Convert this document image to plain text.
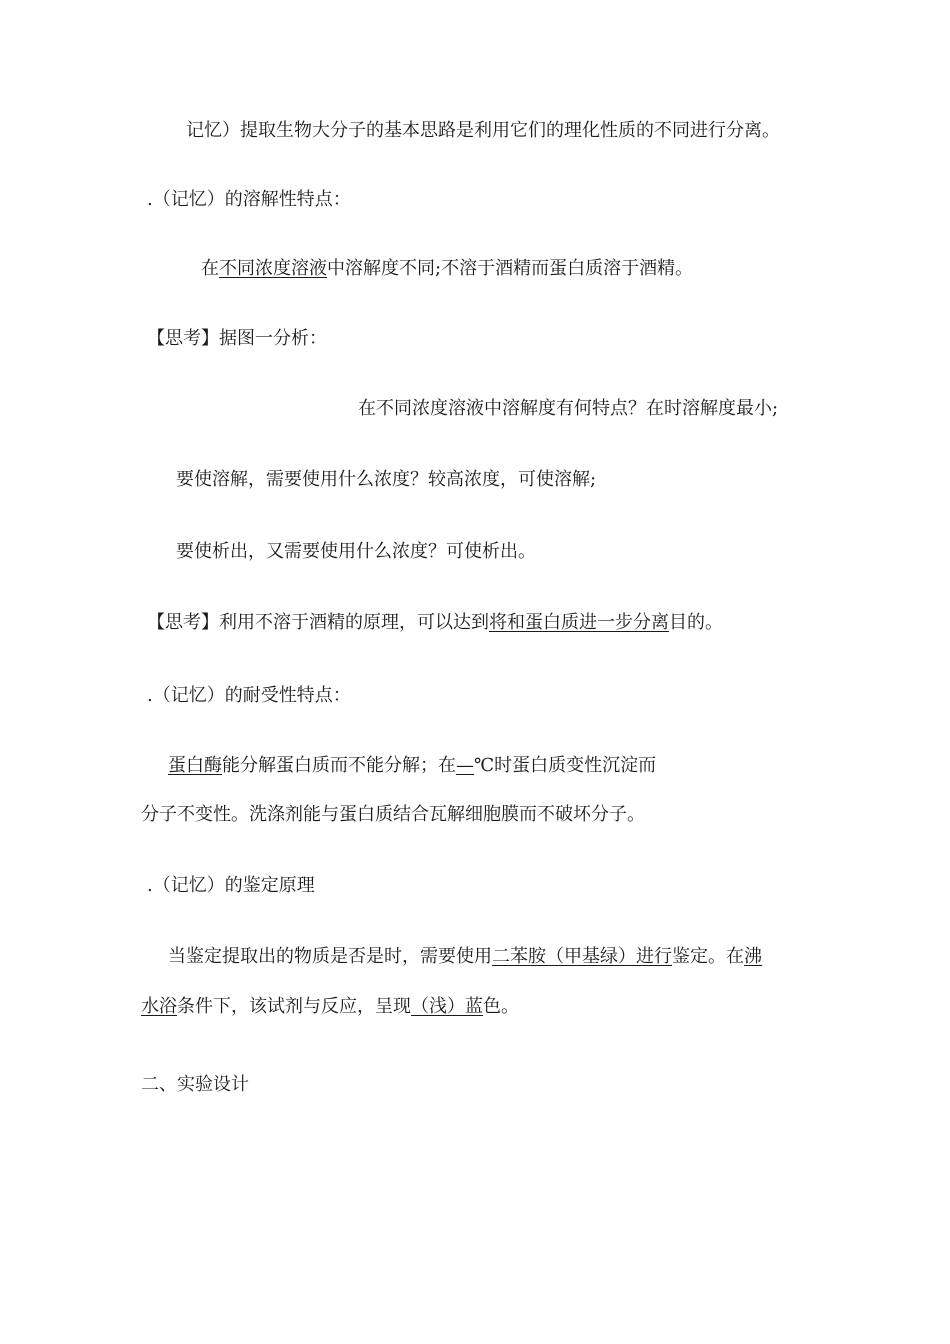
记忆）提取生物大分子的基本思路是利用它们的理化性质的不同进行分离。
.（记忆）的溶解性特点：
在不同浓度溶液中溶解度不同;不溶于酒精而蛋白质溶于酒精。
【思考】据图一分析：
在不同浓度溶液中溶解度有何特点？在时溶解度最小;
要使溶解，需要使用什么浓度？较高浓度，可使溶解;
要使析出，又需要使用什么浓度？可使析出。
【思考】利用不溶于酒精的原理，可以达到将和蛋白质进一步分离目的。
.（记忆）的耐受性特点：
蛋白酶能分解蛋白质而不能分解；在—℃时蛋白质变性沉淀而
分子不变性。洗涤剂能与蛋白质结合瓦解细胞膜而不破坏分子。
.（记忆）的鉴定原理
当鉴定提取出的物质是否是时，需要使用二苯胺（甲基绿）进行鉴定。在沸
水浴条件下，该试剂与反应，呈现（浅）蓝色。
二、实验设计
